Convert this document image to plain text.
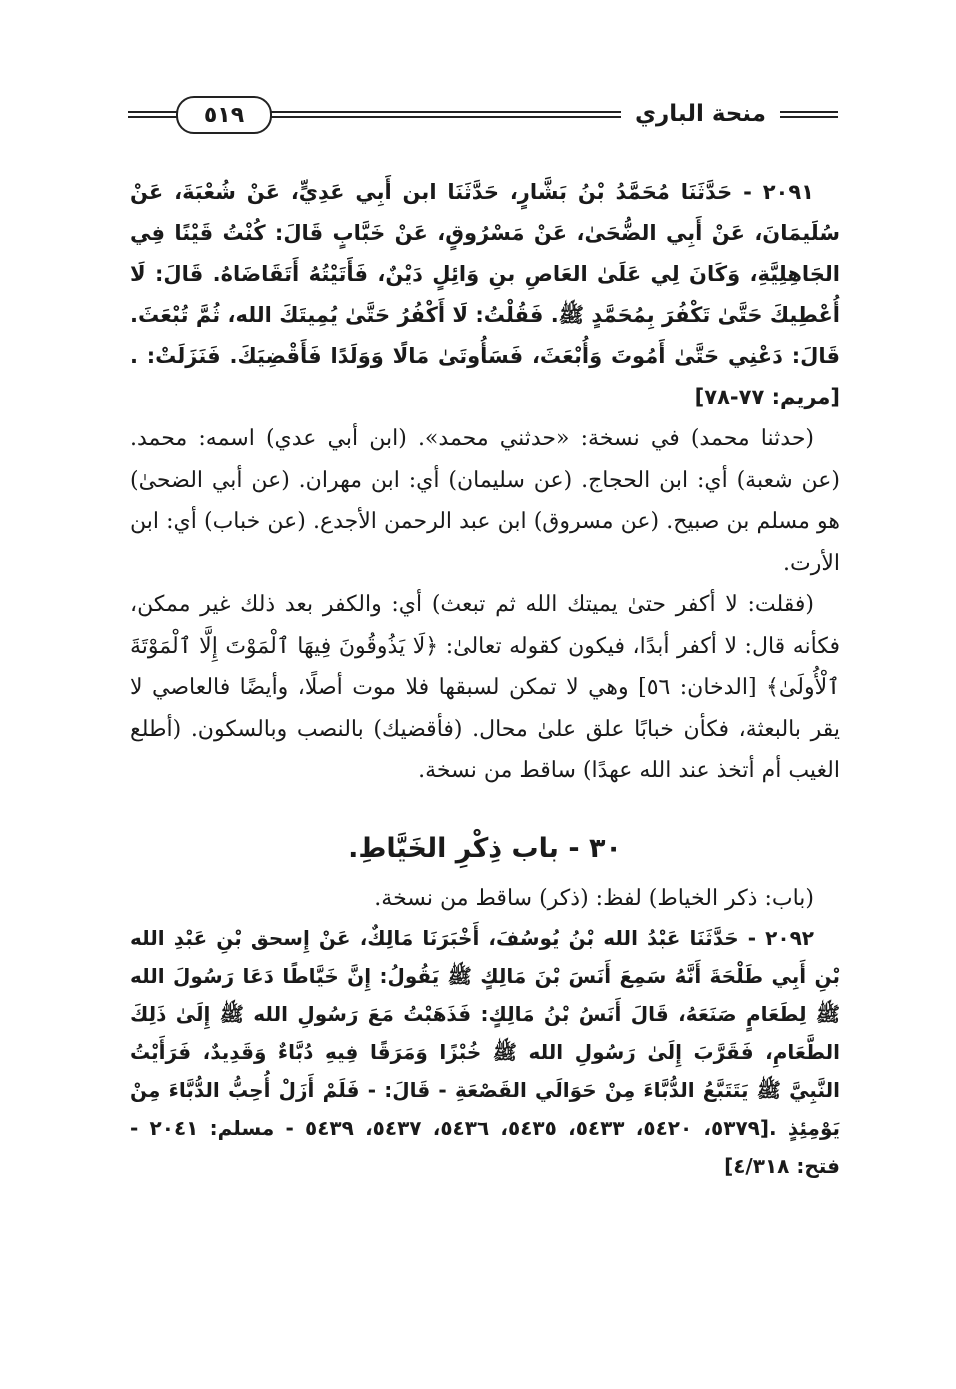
٥١٩	منحة الباري

٢٠٩١ - حَدَّثَنَا مُحَمَّدُ بْنُ بَشَّارٍ، حَدَّثَنَا ابن أَبِي عَدِيٍّ، عَنْ شُعْبَةَ، عَنْ سُلَيمَانَ، عَنْ أَبِي الضُّحَىٰ، عَنْ مَسْرُوقٍ، عَنْ خَبَّابٍ قَالَ: كُنْتُ قَيْنًا فِي الجَاهِلِيَّةِ، وَكَانَ لِي عَلَىٰ العَاصِ بنِ وَائِلٍ دَيْنٌ، فَأَتَيْتُهُ أَتَقَاضَاهُ. قَالَ: لَا أُعْطِيكَ حَتَّىٰ تَكْفُرَ بِمُحَمَّدٍ ﷺ. فَقُلْتُ: لَا أَكْفُرُ حَتَّىٰ يُمِيتَكَ الله، ثُمَّ تُبْعَثَ. قَالَ: دَعْنِي حَتَّىٰ أَمُوتَ وَأُبْعَثَ، فَسَأُوتَىٰ مَالًا وَوَلَدًا فَأَقْضِيَكَ. فَنَزَلَتْ: .[مريم: ٧٧-٧٨]

(حدثنا محمد) في نسخة: «حدثني محمد». (ابن أبي عدي) اسمه: محمد. (عن شعبة) أي: ابن الحجاج. (عن سليمان) أي: ابن مهران. (عن أبي الضحىٰ) هو مسلم بن صبيح. (عن مسروق) ابن عبد الرحمن الأجدع. (عن خباب) أي: ابن الأرت.

(فقلت: لا أكفر حتىٰ يميتك الله ثم تبعث) أي: والكفر بعد ذلك غير ممكن، فكأنه قال: لا أكفر أبدًا، فيكون كقوله تعالىٰ: ﴿لَا يَذُوقُونَ فِيهَا ٱلْمَوْتَ إِلَّا ٱلْمَوْتَةَ ٱلْأُولَىٰ﴾ [الدخان: ٥٦] وهي لا تمكن لسبقها فلا موت أصلًا، وأيضًا فالعاصي لا يقر بالبعثة، فكأن خبابًا علق علىٰ محال. (فأقضيك) بالنصب وبالسكون. (أطلع الغيب أم أتخذ عند الله عهدًا) ساقط من نسخة.

٣٠ - باب ذِكْرِ الخَيَّاطِ.

(باب: ذكر الخياط) لفظ: (ذكر) ساقط من نسخة.

٢٠٩٢ - حَدَّثَنَا عَبْدُ الله بْنُ يُوسُفَ، أَخْبَرَنَا مَالِكٌ، عَنْ إِسحق بْنِ عَبْدِ الله بْنِ أَبِي طَلْحَةَ أَنَّهُ سَمِعَ أَنَسَ بْنَ مَالِكٍ ﷺ يَقُولُ: إِنَّ خَيَّاطًا دَعَا رَسُولَ الله ﷺ لِطَعَامٍ صَنَعَهُ، قَالَ أَنَسُ بْنُ مَالِكٍ: فَذَهَبْتُ مَعَ رَسُولِ الله ﷺ إِلَىٰ ذَلِكَ الطَّعَامِ، فَقَرَّبَ إِلَىٰ رَسُولِ الله ﷺ خُبْزًا وَمَرَقًا فِيهِ دُبَّاءٌ وَقَدِيدٌ، فَرَأَيْتُ النَّبِيَّ ﷺ يَتَتَبَّعُ الدُّبَّاءَ مِنْ حَوَالَي القَصْعَةِ - قَالَ: - فَلَمْ أَزَلْ أُحِبُّ الدُّبَّاءَ مِنْ يَوْمِئِذٍ .[٥٣٧٩، ٥٤٢٠، ٥٤٣٣، ٥٤٣٥، ٥٤٣٦، ٥٤٣٧، ٥٤٣٩ - مسلم: ٢٠٤١ - فتح: ٤/٣١٨]
